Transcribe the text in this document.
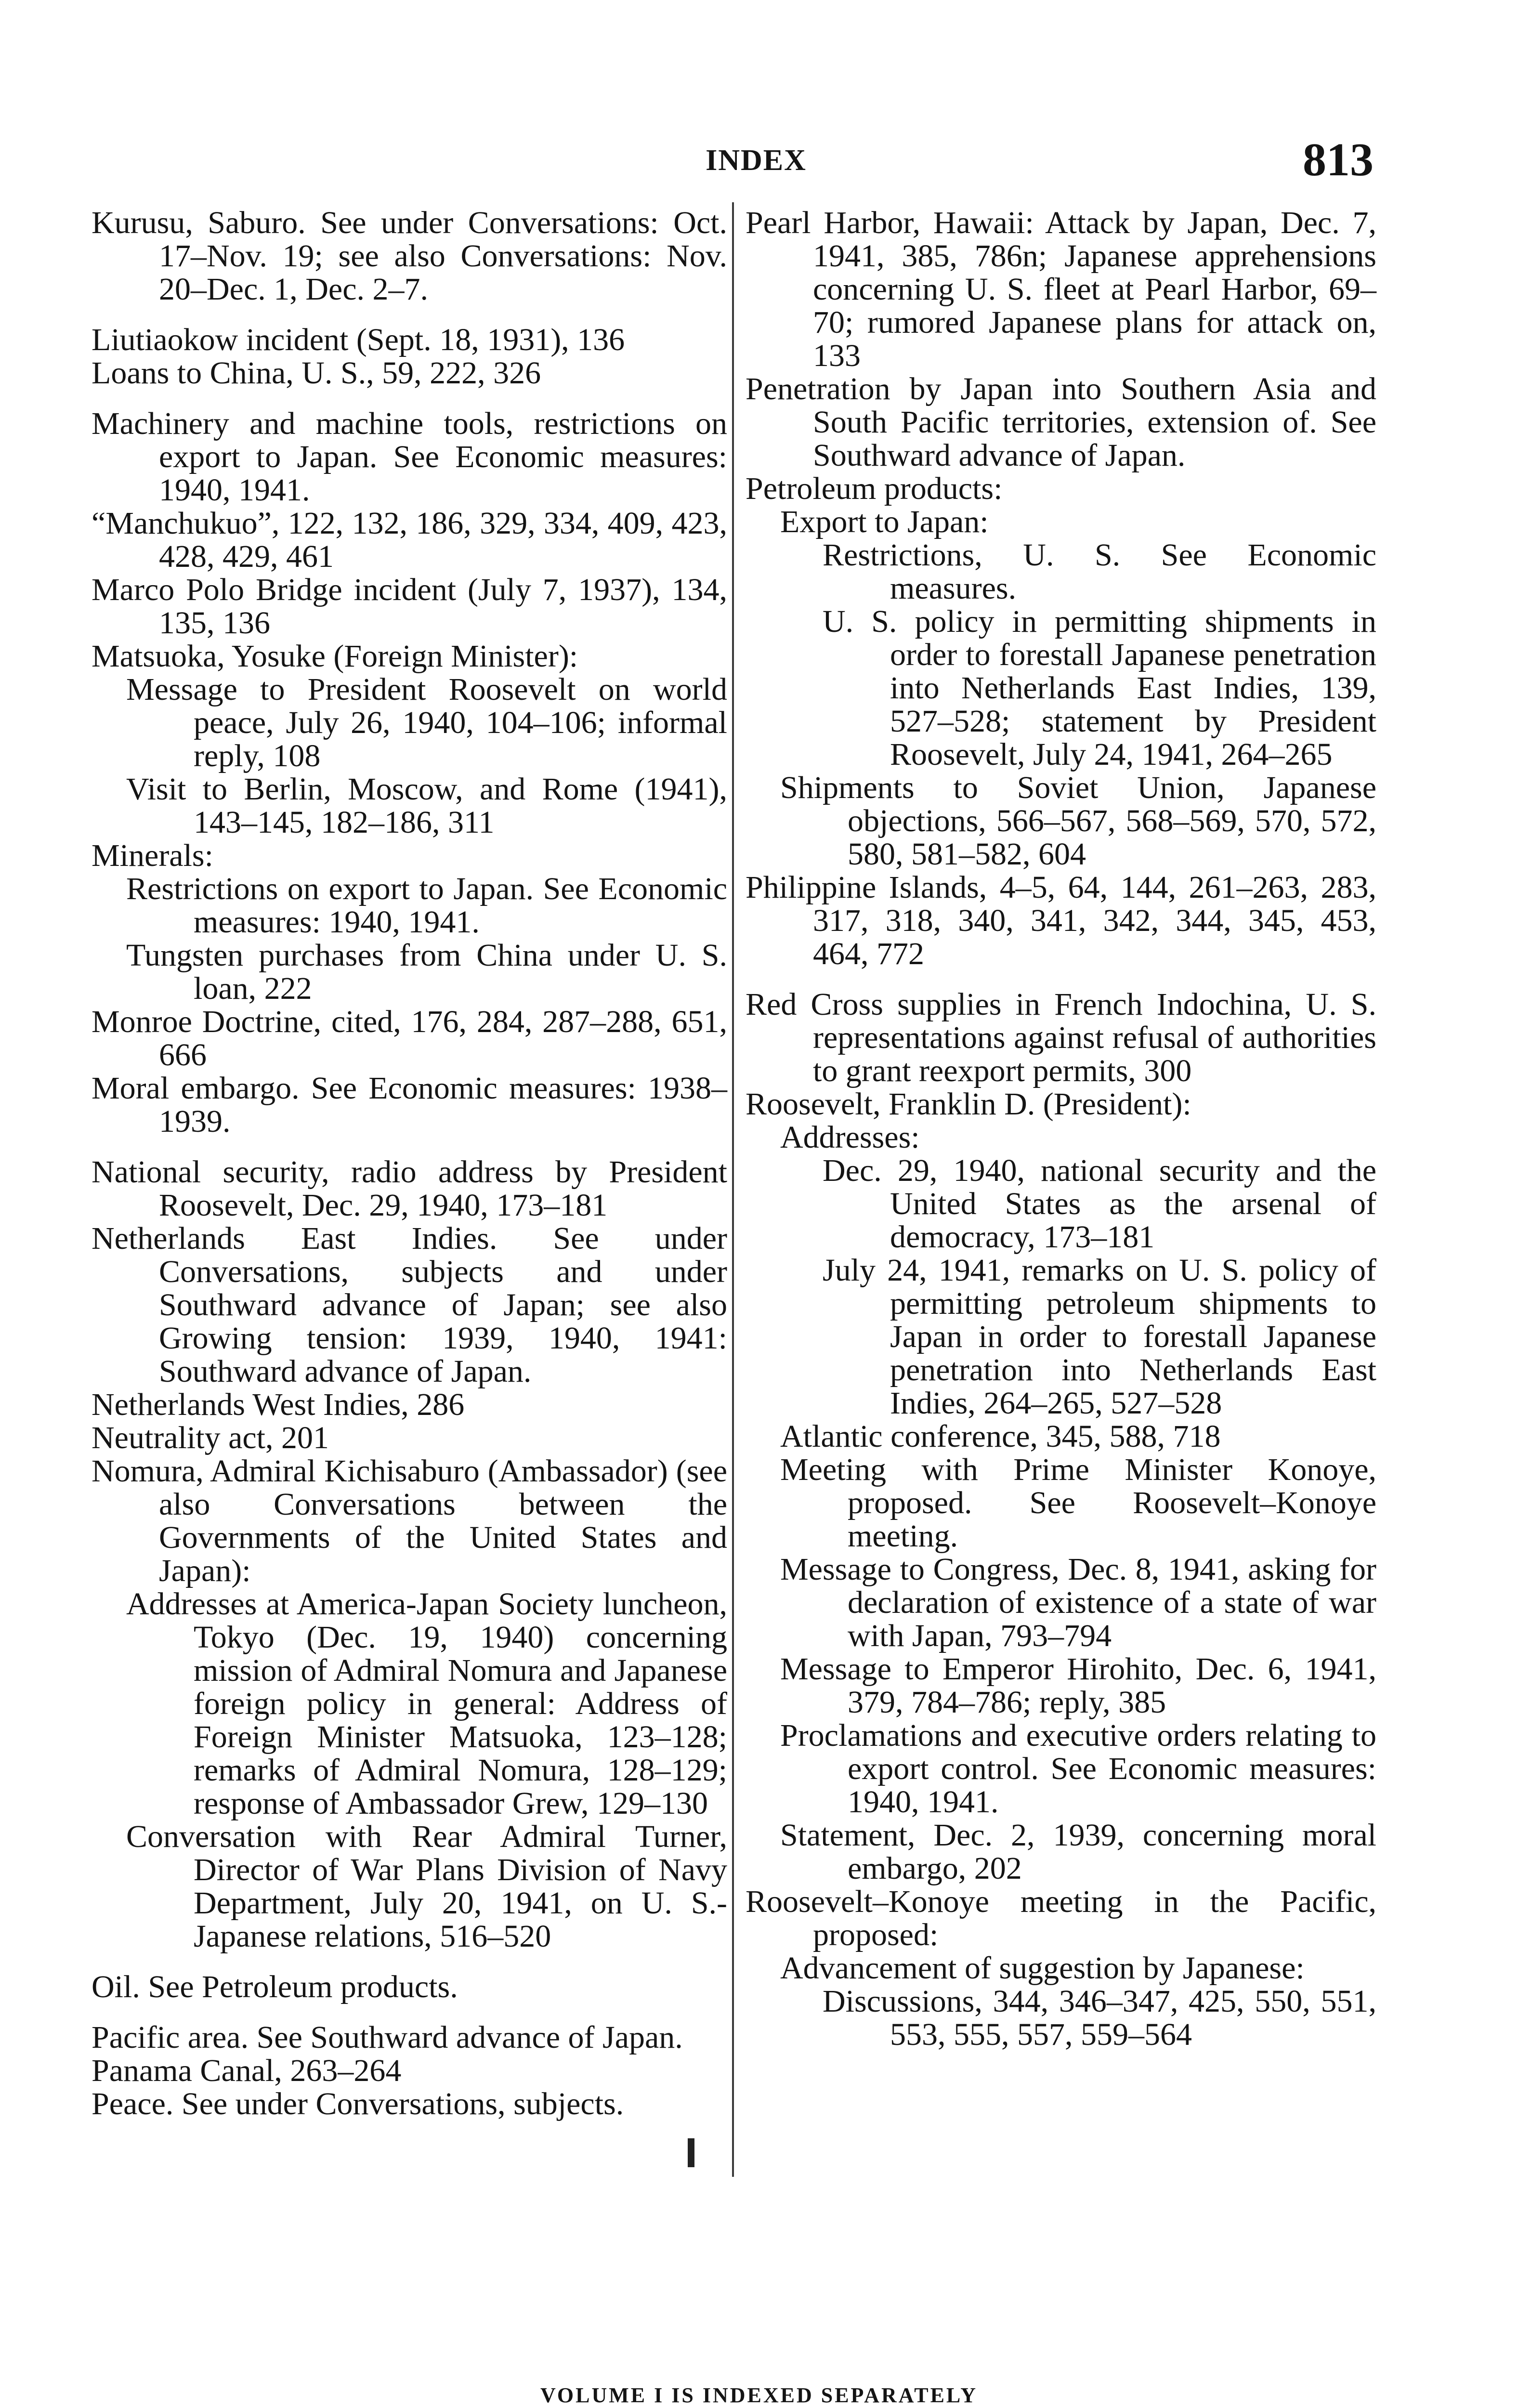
INDEX	813

Kurusu, Saburo. See under Conversations: Oct. 17–Nov. 19; see also Conversations: Nov. 20–Dec. 1, Dec. 2–7.

Liutiaokow incident (Sept. 18, 1931), 136

Loans to China, U. S., 59, 222, 326

Machinery and machine tools, restrictions on export to Japan. See Economic measures: 1940, 1941.

“Manchukuo”, 122, 132, 186, 329, 334, 409, 423, 428, 429, 461

Marco Polo Bridge incident (July 7, 1937), 134, 135, 136

Matsuoka, Yosuke (Foreign Minister):

Message to President Roosevelt on world peace, July 26, 1940, 104–106; informal reply, 108

Visit to Berlin, Moscow, and Rome (1941), 143–145, 182–186, 311

Minerals:

Restrictions on export to Japan. See Economic measures: 1940, 1941.

Tungsten purchases from China under U. S. loan, 222

Monroe Doctrine, cited, 176, 284, 287–288, 651, 666

Moral embargo. See Economic measures: 1938–1939.

National security, radio address by President Roosevelt, Dec. 29, 1940, 173–181

Netherlands East Indies. See under Conversations, subjects and under Southward advance of Japan; see also Growing tension: 1939, 1940, 1941: Southward advance of Japan.

Netherlands West Indies, 286

Neutrality act, 201

Nomura, Admiral Kichisaburo (Ambassador) (see also Conversations between the Governments of the United States and Japan):

Addresses at America-Japan Society luncheon, Tokyo (Dec. 19, 1940) concerning mission of Admiral Nomura and Japanese foreign policy in general: Address of Foreign Minister Matsuoka, 123–128; remarks of Admiral Nomura, 128–129; response of Ambassador Grew, 129–130

Conversation with Rear Admiral Turner, Director of War Plans Division of Navy Department, July 20, 1941, on U. S.-Japanese relations, 516–520

Oil. See Petroleum products.

Pacific area. See Southward advance of Japan.

Panama Canal, 263–264

Peace. See under Conversations, subjects.

Pearl Harbor, Hawaii: Attack by Japan, Dec. 7, 1941, 385, 786n; Japanese apprehensions concerning U. S. fleet at Pearl Harbor, 69–70; rumored Japanese plans for attack on, 133

Penetration by Japan into Southern Asia and South Pacific territories, extension of. See Southward advance of Japan.

Petroleum products:

Export to Japan:

Restrictions, U. S. See Economic measures.

U. S. policy in permitting shipments in order to forestall Japanese penetration into Netherlands East Indies, 139, 527–528; statement by President Roosevelt, July 24, 1941, 264–265

Shipments to Soviet Union, Japanese objections, 566–567, 568–569, 570, 572, 580, 581–582, 604

Philippine Islands, 4–5, 64, 144, 261–263, 283, 317, 318, 340, 341, 342, 344, 345, 453, 464, 772

Red Cross supplies in French Indochina, U. S. representations against refusal of authorities to grant reexport permits, 300

Roosevelt, Franklin D. (President):

Addresses:

Dec. 29, 1940, national security and the United States as the arsenal of democracy, 173–181

July 24, 1941, remarks on U. S. policy of permitting petroleum shipments to Japan in order to forestall Japanese penetration into Netherlands East Indies, 264–265, 527–528

Atlantic conference, 345, 588, 718

Meeting with Prime Minister Konoye, proposed. See Roosevelt–Konoye meeting.

Message to Congress, Dec. 8, 1941, asking for declaration of existence of a state of war with Japan, 793–794

Message to Emperor Hirohito, Dec. 6, 1941, 379, 784–786; reply, 385

Proclamations and executive orders relating to export control. See Economic measures: 1940, 1941.

Statement, Dec. 2, 1939, concerning moral embargo, 202

Roosevelt–Konoye meeting in the Pacific, proposed:

Advancement of suggestion by Japanese:

Discussions, 344, 346–347, 425, 550, 551, 553, 555, 557, 559–564

VOLUME I IS INDEXED SEPARATELY
